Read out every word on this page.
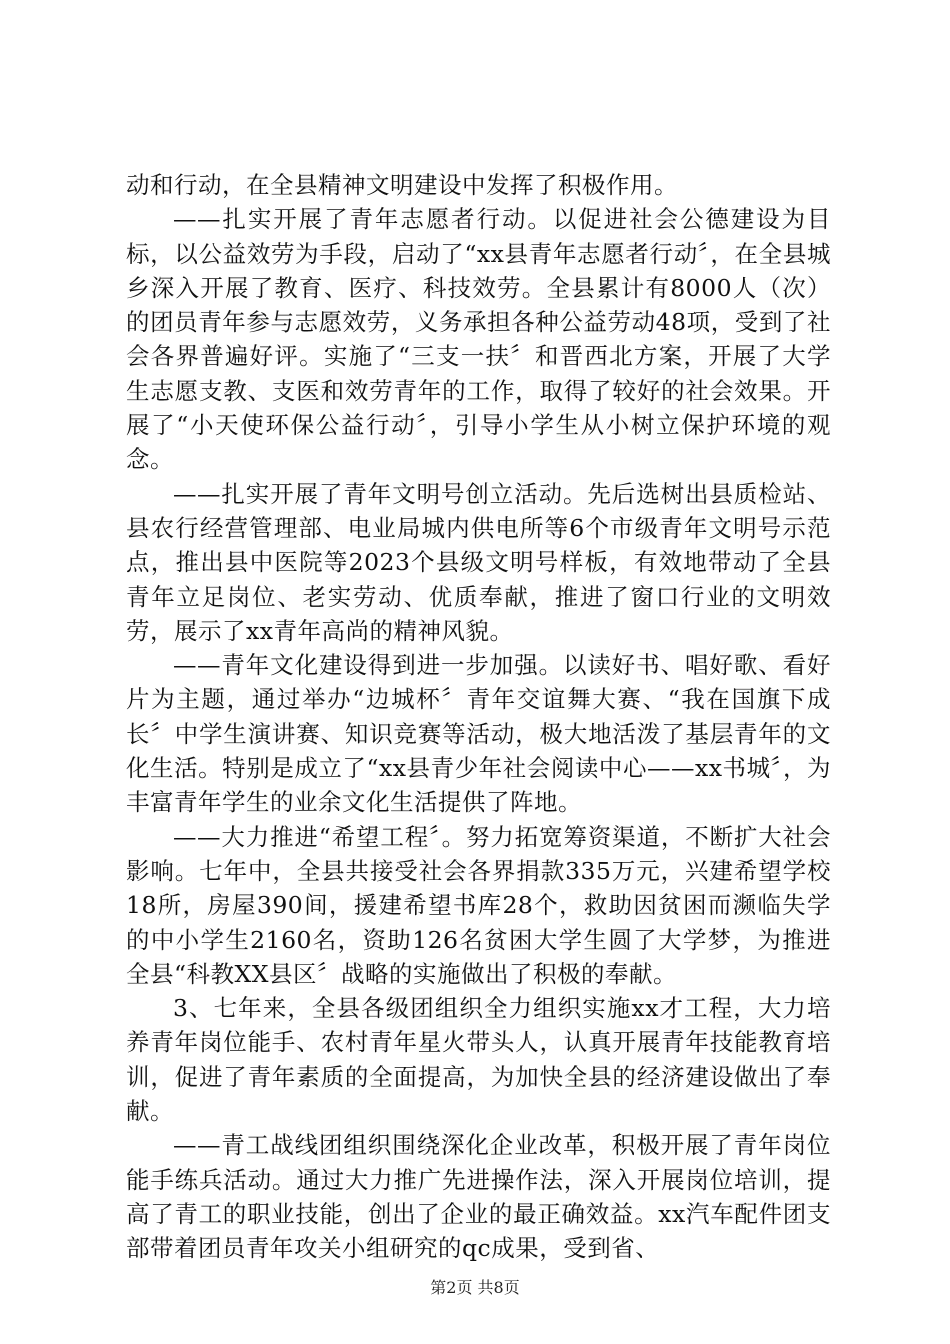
动和行动，在全县精神文明建设中发挥了积极作用。

——扎实开展了青年志愿者行动。以促进社会公德建设为目标，以公益效劳为手段，启动了“xx县青年志愿者行动〞，在全县城乡深入开展了教育、医疗、科技效劳。全县累计有8000人（次）的团员青年参与志愿效劳，义务承担各种公益劳动48项，受到了社会各界普遍好评。实施了“三支一扶〞和晋西北方案，开展了大学生志愿支教、支医和效劳青年的工作，取得了较好的社会效果。开展了“小天使环保公益行动〞，引导小学生从小树立保护环境的观念。

——扎实开展了青年文明号创立活动。先后选树出县质检站、县农行经营管理部、电业局城内供电所等6个市级青年文明号示范点，推出县中医院等2023个县级文明号样板，有效地带动了全县青年立足岗位、老实劳动、优质奉献，推进了窗口行业的文明效劳，展示了xx青年高尚的精神风貌。

——青年文化建设得到进一步加强。以读好书、唱好歌、看好片为主题，通过举办“边城杯〞青年交谊舞大赛、“我在国旗下成长〞中学生演讲赛、知识竞赛等活动，极大地活泼了基层青年的文化生活。特别是成立了“xx县青少年社会阅读中心——xx书城〞，为丰富青年学生的业余文化生活提供了阵地。

——大力推进“希望工程〞。努力拓宽筹资渠道，不断扩大社会影响。七年中，全县共接受社会各界捐款335万元，兴建希望学校18所，房屋390间，援建希望书库28个，救助因贫困而濒临失学的中小学生2160名，资助126名贫困大学生圆了大学梦，为推进全县“科教XX县区〞战略的实施做出了积极的奉献。

3、七年来，全县各级团组织全力组织实施xx才工程，大力培养青年岗位能手、农村青年星火带头人，认真开展青年技能教育培训，促进了青年素质的全面提高，为加快全县的经济建设做出了奉献。

——青工战线团组织围绕深化企业改革，积极开展了青年岗位能手练兵活动。通过大力推广先进操作法，深入开展岗位培训，提高了青工的职业技能，创出了企业的最正确效益。xx汽车配件团支部带着团员青年攻关小组研究的qc成果，受到省、

第2页 共8页
